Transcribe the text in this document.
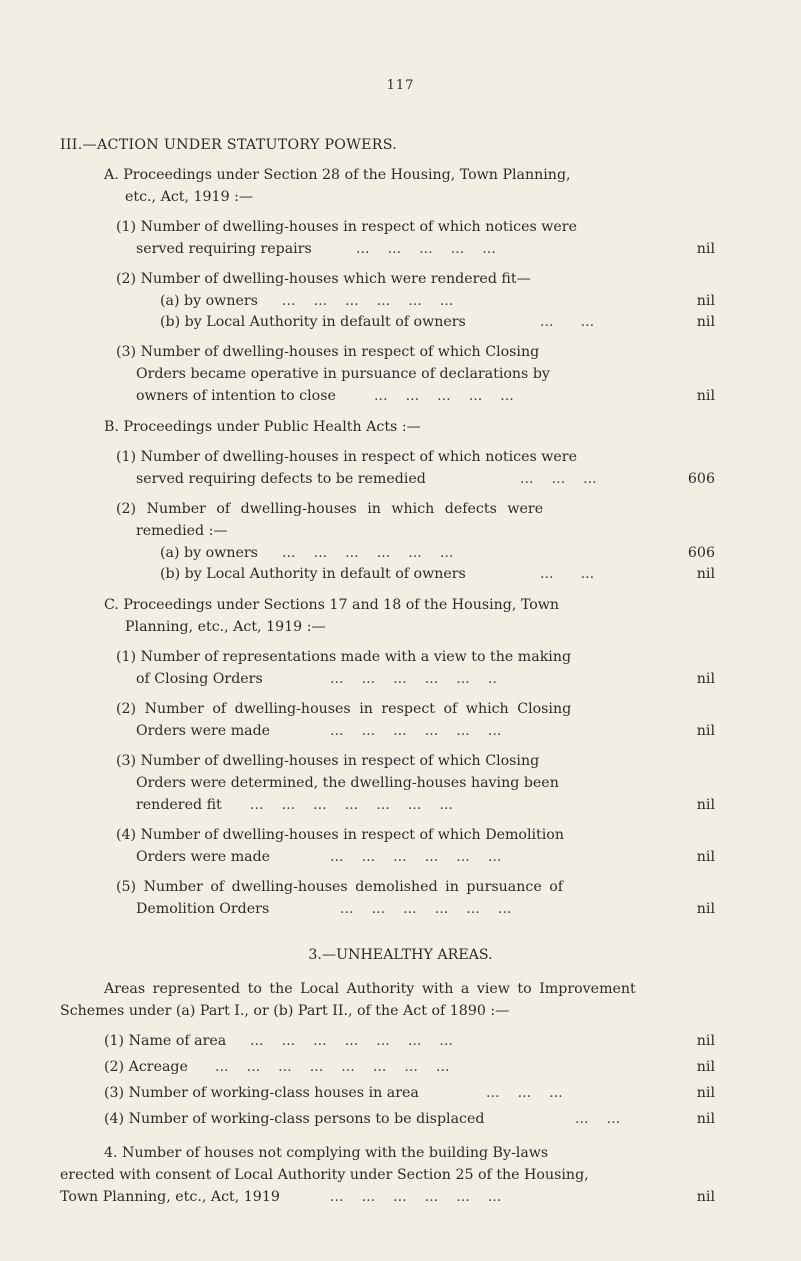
117
III.—ACTION UNDER STATUTORY POWERS.
A. Proceedings under Section 28 of the Housing, Town Planning,
etc., Act, 1919 :—
(1) Number of dwelling-houses in respect of which notices were
served requiring repairs	...    ...    ...    ...    ...	nil
(2) Number of dwelling-houses which were rendered fit—
(a) by owners ...    ...    ...    ...    ...    ...	nil
(b) by Local Authority in default of owners	...      ...	nil
(3) Number of dwelling-houses in respect of which Closing
Orders became operative in pursuance of declarations by
owners of intention to close	...    ...    ...    ...    ...	nil
B. Proceedings under Public Health Acts :—
(1) Number of dwelling-houses in respect of which notices were
served requiring defects to be remedied	...    ...    ...	606
(2) Number of dwelling-houses in which defects were
remedied :—
(a) by owners ...    ...    ...    ...    ...    ...	606
(b) by Local Authority in default of owners	...      ...	nil
C. Proceedings under Sections 17 and 18 of the Housing, Town
Planning, etc., Act, 1919 :—
(1) Number of representations made with a view to the making
of Closing Orders	...    ...    ...    ...    ...    ..	nil
(2) Number of dwelling-houses in respect of which Closing
Orders were made	...    ...    ...    ...    ...    ...	nil
(3) Number of dwelling-houses in respect of which Closing
Orders were determined, the dwelling-houses having been
rendered fit ...    ...    ...    ...    ...    ...    ...	nil
(4) Number of dwelling-houses in respect of which Demolition
Orders were made	...    ...    ...    ...    ...    ...	nil
(5) Number of dwelling-houses demolished in pursuance of
Demolition Orders	...    ...    ...    ...    ...    ...	nil
3.—UNHEALTHY AREAS.
Areas represented to the Local Authority with a view to Improvement
Schemes under (a) Part I., or (b) Part II., of the Act of 1890 :—
(1) Name of area ...    ...    ...    ...    ...    ...    ...	nil
(2) Acreage ...    ...    ...    ...    ...    ...    ...    ...	nil
(3) Number of working-class houses in area	...    ...    ...	nil
(4) Number of working-class persons to be displaced	...    ...	nil
4. Number of houses not complying with the building By-laws
erected with consent of Local Authority under Section 25 of the Housing,
Town Planning, etc., Act, 1919	...    ...    ...    ...    ...    ...	nil
